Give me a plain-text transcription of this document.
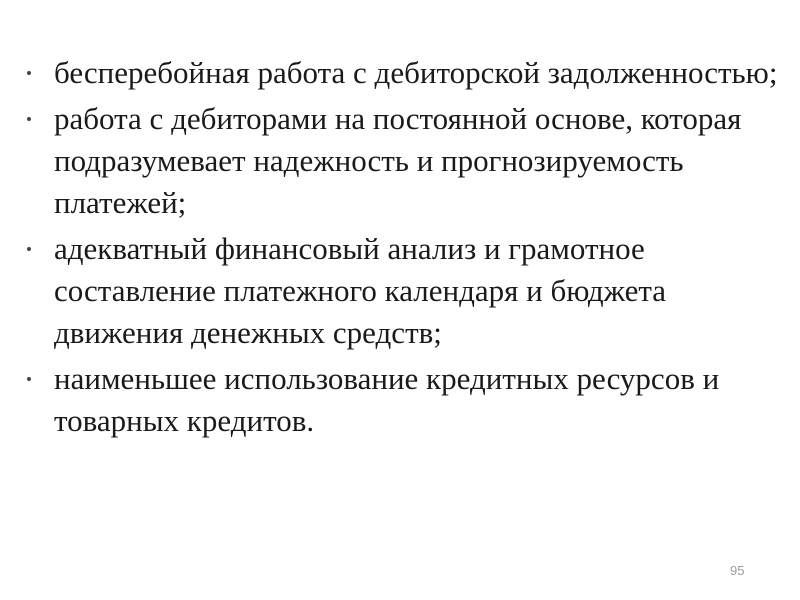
бесперебойная работа с дебиторской задолженностью;
работа с дебиторами на постоянной основе, которая подразумевает надежность и прогнозируемость платежей;
адекватный финансовый анализ и грамотное составление платежного календаря и бюджета движения денежных средств;
наименьшее использование кредитных ресурсов и товарных кредитов.
95
